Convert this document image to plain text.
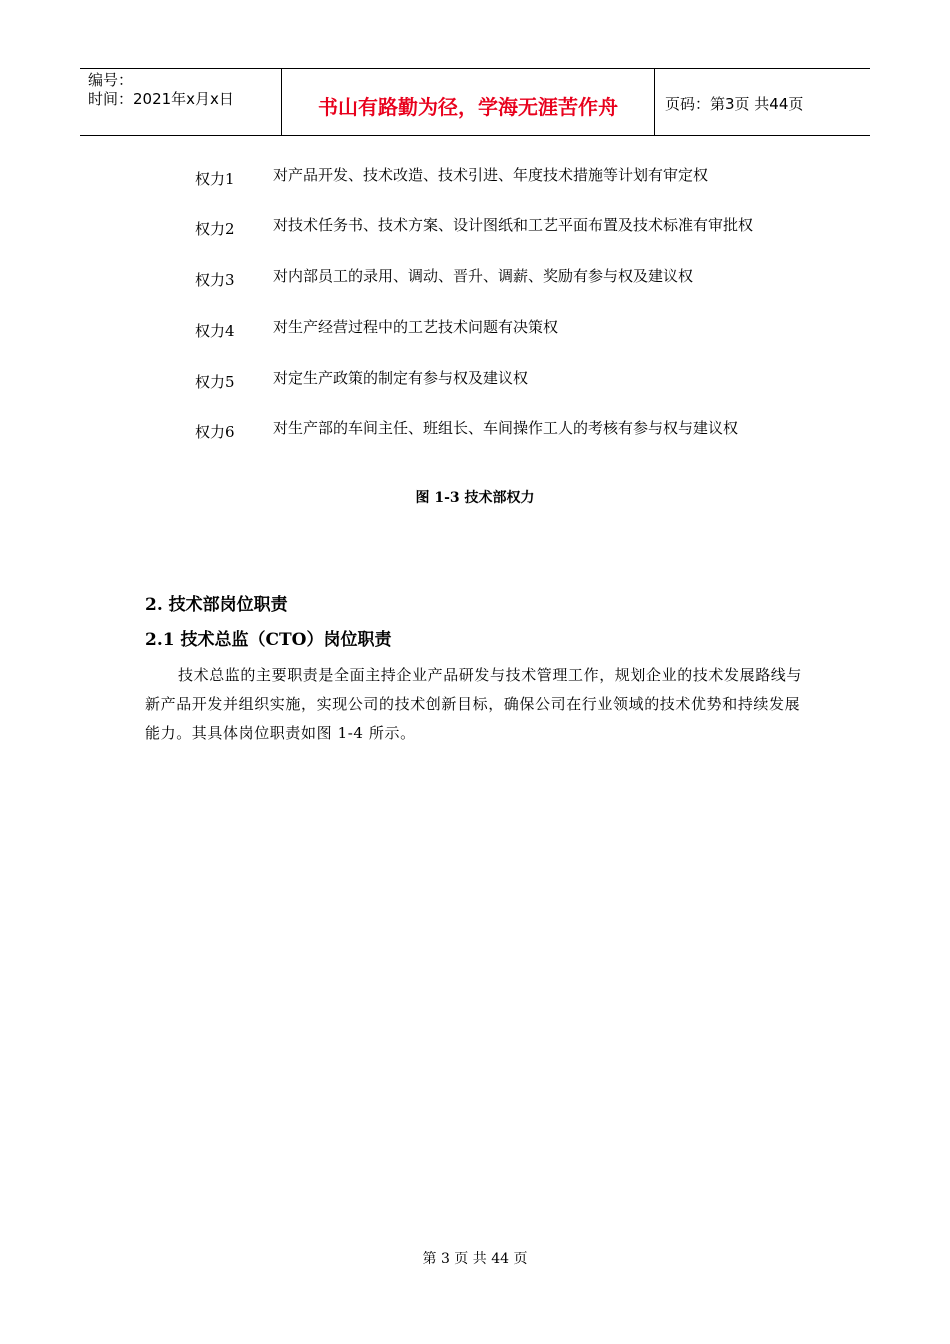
编号：
时间：2021年x月x日	书山有路勤为径，学海无涯苦作舟	页码：第3页 共44页
权力1	对产品开发、技术改造、技术引进、年度技术措施等计划有审定权
权力2	对技术任务书、技术方案、设计图纸和工艺平面布置及技术标准有审批权
权力3	对内部员工的录用、调动、晋升、调薪、奖励有参与权及建议权
权力4	对生产经营过程中的工艺技术问题有决策权
权力5	对定生产政策的制定有参与权及建议权
权力6	对生产部的车间主任、班组长、车间操作工人的考核有参与权与建议权
图 1-3 技术部权力
2. 技术部岗位职责
2.1 技术总监（CTO）岗位职责
技术总监的主要职责是全面主持企业产品研发与技术管理工作，规划企业的技术发展路线与新产品开发并组织实施，实现公司的技术创新目标，确保公司在行业领域的技术优势和持续发展能力。其具体岗位职责如图 1-4 所示。
第 3 页 共 44 页
